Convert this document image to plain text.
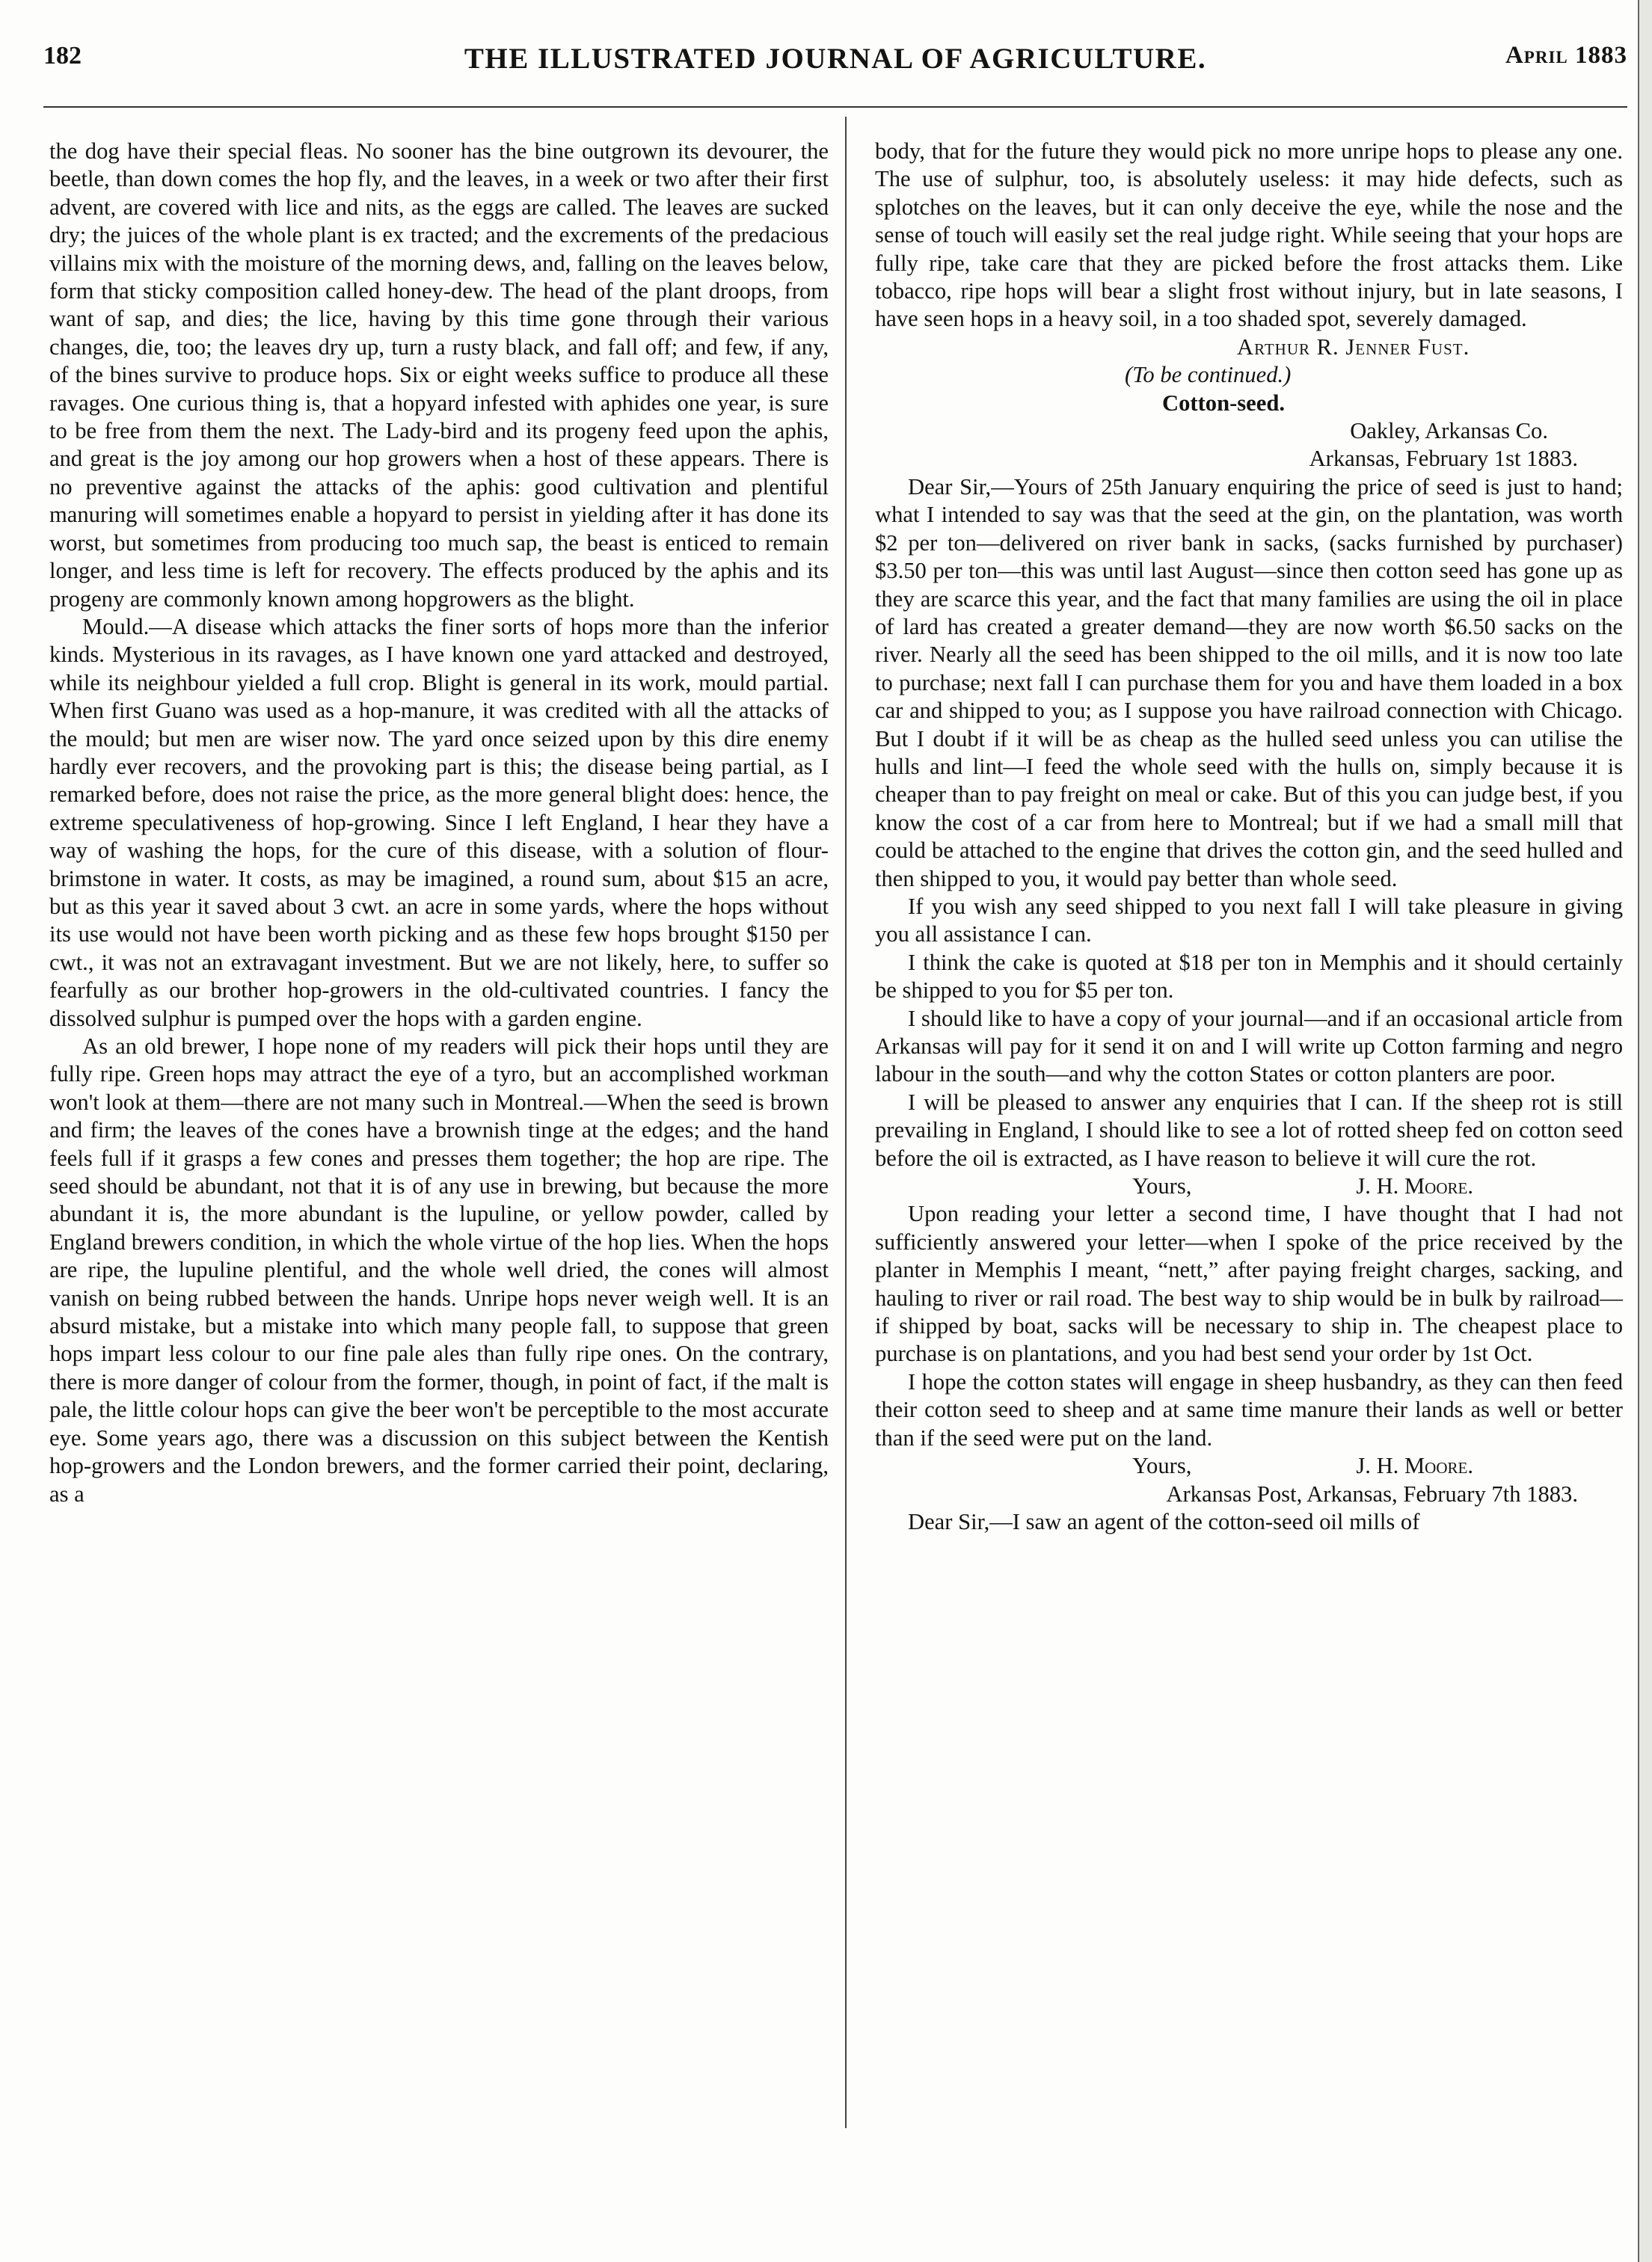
182	THE ILLUSTRATED JOURNAL OF AGRICULTURE.	April 1883

the dog have their special fleas. No sooner has the bine outgrown its devourer, the beetle, than down comes the hop fly, and the leaves, in a week or two after their first advent, are covered with lice and nits, as the eggs are called. The leaves are sucked dry; the juices of the whole plant is ex tracted; and the excrements of the predacious villains mix with the moisture of the morning dews, and, falling on the leaves below, form that sticky composition called honey-dew. The head of the plant droops, from want of sap, and dies; the lice, having by this time gone through their various changes, die, too; the leaves dry up, turn a rusty black, and fall off; and few, if any, of the bines survive to produce hops. Six or eight weeks suffice to produce all these ravages. One curious thing is, that a hopyard infested with aphides one year, is sure to be free from them the next. The Lady-bird and its progeny feed upon the aphis, and great is the joy among our hop growers when a host of these appears. There is no preventive against the attacks of the aphis: good cultivation and plentiful manuring will sometimes enable a hopyard to persist in yielding after it has done its worst, but sometimes from producing too much sap, the beast is enticed to remain longer, and less time is left for recovery. The effects produced by the aphis and its progeny are commonly known among hopgrowers as the blight.

Mould.—A disease which attacks the finer sorts of hops more than the inferior kinds. Mysterious in its ravages, as I have known one yard attacked and destroyed, while its neighbour yielded a full crop. Blight is general in its work, mould partial. When first Guano was used as a hop-manure, it was credited with all the attacks of the mould; but men are wiser now. The yard once seized upon by this dire enemy hardly ever recovers, and the provoking part is this; the disease being partial, as I remarked before, does not raise the price, as the more general blight does: hence, the extreme speculativeness of hop-growing. Since I left England, I hear they have a way of washing the hops, for the cure of this disease, with a solution of flour-brimstone in water. It costs, as may be imagined, a round sum, about $15 an acre, but as this year it saved about 3 cwt. an acre in some yards, where the hops without its use would not have been worth picking and as these few hops brought $150 per cwt., it was not an extravagant investment. But we are not likely, here, to suffer so fearfully as our brother hop-growers in the old-cultivated countries. I fancy the dissolved sulphur is pumped over the hops with a garden engine.

As an old brewer, I hope none of my readers will pick their hops until they are fully ripe. Green hops may attract the eye of a tyro, but an accomplished workman won't look at them—there are not many such in Montreal.—When the seed is brown and firm; the leaves of the cones have a brownish tinge at the edges; and the hand feels full if it grasps a few cones and presses them together; the hop are ripe. The seed should be abundant, not that it is of any use in brewing, but because the more abundant it is, the more abundant is the lupuline, or yellow powder, called by England brewers condition, in which the whole virtue of the hop lies. When the hops are ripe, the lupuline plentiful, and the whole well dried, the cones will almost vanish on being rubbed between the hands. Unripe hops never weigh well. It is an absurd mistake, but a mistake into which many people fall, to suppose that green hops impart less colour to our fine pale ales than fully ripe ones. On the contrary, there is more danger of colour from the former, though, in point of fact, if the malt is pale, the little colour hops can give the beer won't be perceptible to the most accurate eye. Some years ago, there was a discussion on this subject between the Kentish hop-growers and the London brewers, and the former carried their point, declaring, as a

body, that for the future they would pick no more unripe hops to please any one. The use of sulphur, too, is absolutely useless: it may hide defects, such as splotches on the leaves, but it can only deceive the eye, while the nose and the sense of touch will easily set the real judge right. While seeing that your hops are fully ripe, take care that they are picked before the frost attacks them. Like tobacco, ripe hops will bear a slight frost without injury, but in late seasons, I have seen hops in a heavy soil, in a too shaded spot, severely damaged.

Arthur R. Jenner Fust.

(To be continued.)

Cotton-seed.

Oakley, Arkansas Co.

Arkansas, February 1st 1883.

Dear Sir,—Yours of 25th January enquiring the price of seed is just to hand; what I intended to say was that the seed at the gin, on the plantation, was worth $2 per ton—delivered on river bank in sacks, (sacks furnished by purchaser) $3.50 per ton—this was until last August—since then cotton seed has gone up as they are scarce this year, and the fact that many families are using the oil in place of lard has created a greater demand—they are now worth $6.50 sacks on the river. Nearly all the seed has been shipped to the oil mills, and it is now too late to purchase; next fall I can purchase them for you and have them loaded in a box car and shipped to you; as I suppose you have railroad connection with Chicago. But I doubt if it will be as cheap as the hulled seed unless you can utilise the hulls and lint—I feed the whole seed with the hulls on, simply because it is cheaper than to pay freight on meal or cake. But of this you can judge best, if you know the cost of a car from here to Montreal; but if we had a small mill that could be attached to the engine that drives the cotton gin, and the seed hulled and then shipped to you, it would pay better than whole seed.

If you wish any seed shipped to you next fall I will take pleasure in giving you all assistance I can.

I think the cake is quoted at $18 per ton in Memphis and it should certainly be shipped to you for $5 per ton.

I should like to have a copy of your journal—and if an occasional article from Arkansas will pay for it send it on and I will write up Cotton farming and negro labour in the south—and why the cotton States or cotton planters are poor.

I will be pleased to answer any enquiries that I can. If the sheep rot is still prevailing in England, I should like to see a lot of rotted sheep fed on cotton seed before the oil is extracted, as I have reason to believe it will cure the rot.

Yours,	J. H. Moore.

Upon reading your letter a second time, I have thought that I had not sufficiently answered your letter—when I spoke of the price received by the planter in Memphis I meant, “nett,” after paying freight charges, sacking, and hauling to river or rail road. The best way to ship would be in bulk by railroad—if shipped by boat, sacks will be necessary to ship in. The cheapest place to purchase is on plantations, and you had best send your order by 1st Oct.

I hope the cotton states will engage in sheep husbandry, as they can then feed their cotton seed to sheep and at same time manure their lands as well or better than if the seed were put on the land.

Yours,	J. H. Moore.

Arkansas Post, Arkansas, February 7th 1883.

Dear Sir,—I saw an agent of the cotton-seed oil mills of
